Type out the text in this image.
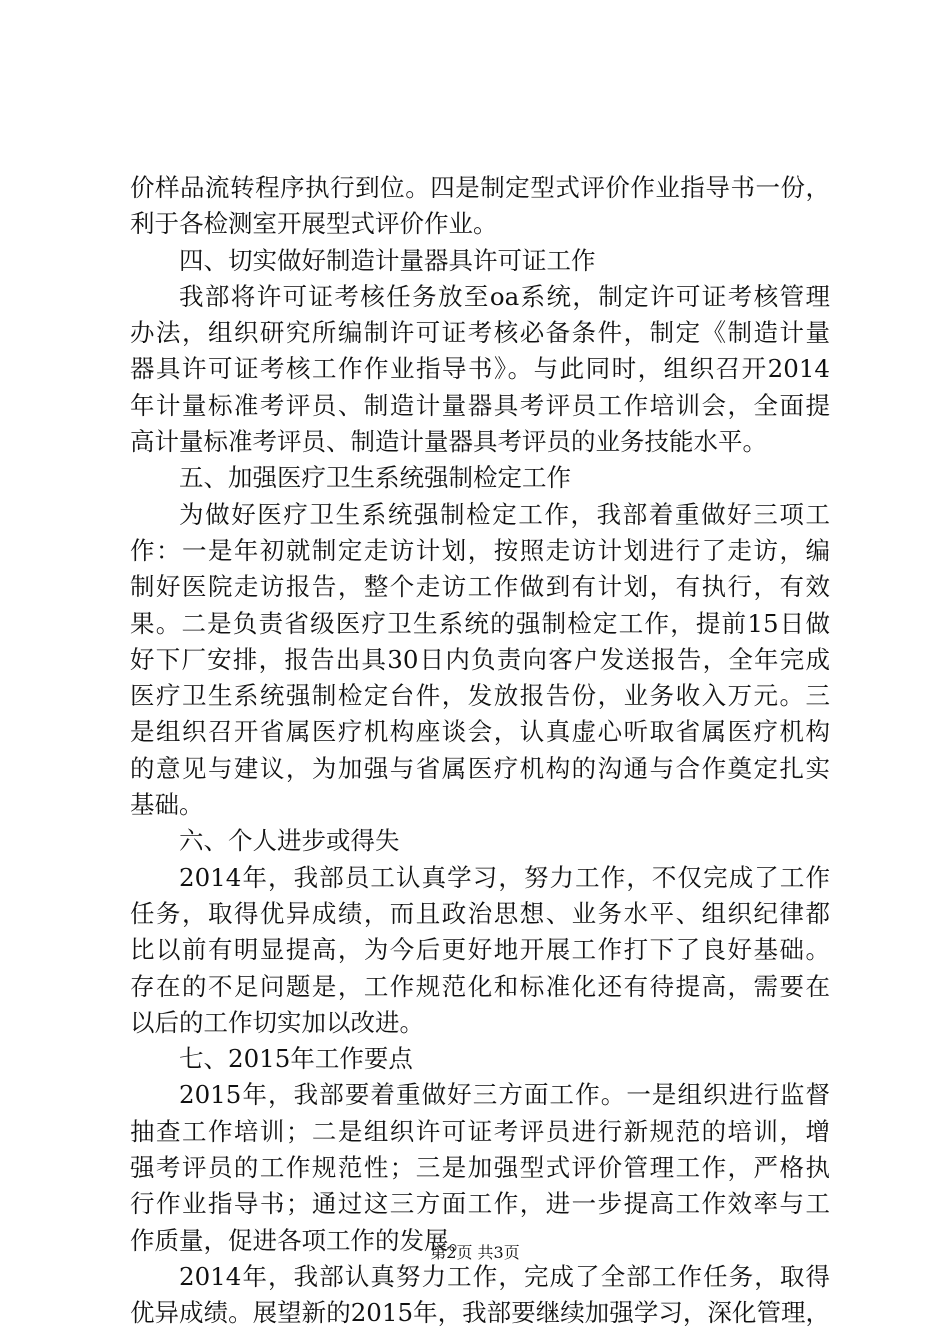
价样品流转程序执行到位。四是制定型式评价作业指导书一份，
利于各检测室开展型式评价作业。
四、切实做好制造计量器具许可证工作
我部将许可证考核任务放至oa系统，制定许可证考核管理
办法，组织研究所编制许可证考核必备条件，制定《制造计量
器具许可证考核工作作业指导书》。与此同时，组织召开2014
年计量标准考评员、制造计量器具考评员工作培训会，全面提
高计量标准考评员、制造计量器具考评员的业务技能水平。
五、加强医疗卫生系统强制检定工作
为做好医疗卫生系统强制检定工作，我部着重做好三项工
作：一是年初就制定走访计划，按照走访计划进行了走访，编
制好医院走访报告，整个走访工作做到有计划，有执行，有效
果。二是负责省级医疗卫生系统的强制检定工作，提前15日做
好下厂安排，报告出具30日内负责向客户发送报告，全年完成
医疗卫生系统强制检定台件，发放报告份，业务收入万元。三
是组织召开省属医疗机构座谈会，认真虚心听取省属医疗机构
的意见与建议，为加强与省属医疗机构的沟通与合作奠定扎实
基础。
六、个人进步或得失
2014年，我部员工认真学习，努力工作，不仅完成了工作
任务，取得优异成绩，而且政治思想、业务水平、组织纪律都
比以前有明显提高，为今后更好地开展工作打下了良好基础。
存在的不足问题是，工作规范化和标准化还有待提高，需要在
以后的工作切实加以改进。
七、2015年工作要点
2015年，我部要着重做好三方面工作。一是组织进行监督
抽查工作培训；二是组织许可证考评员进行新规范的培训，增
强考评员的工作规范性；三是加强型式评价管理工作，严格执
行作业指导书；通过这三方面工作，进一步提高工作效率与工
作质量，促进各项工作的发展。
2014年，我部认真努力工作，完成了全部工作任务，取得
优异成绩。展望新的2015年，我部要继续加强学习，深化管理，
第2页 共3页
